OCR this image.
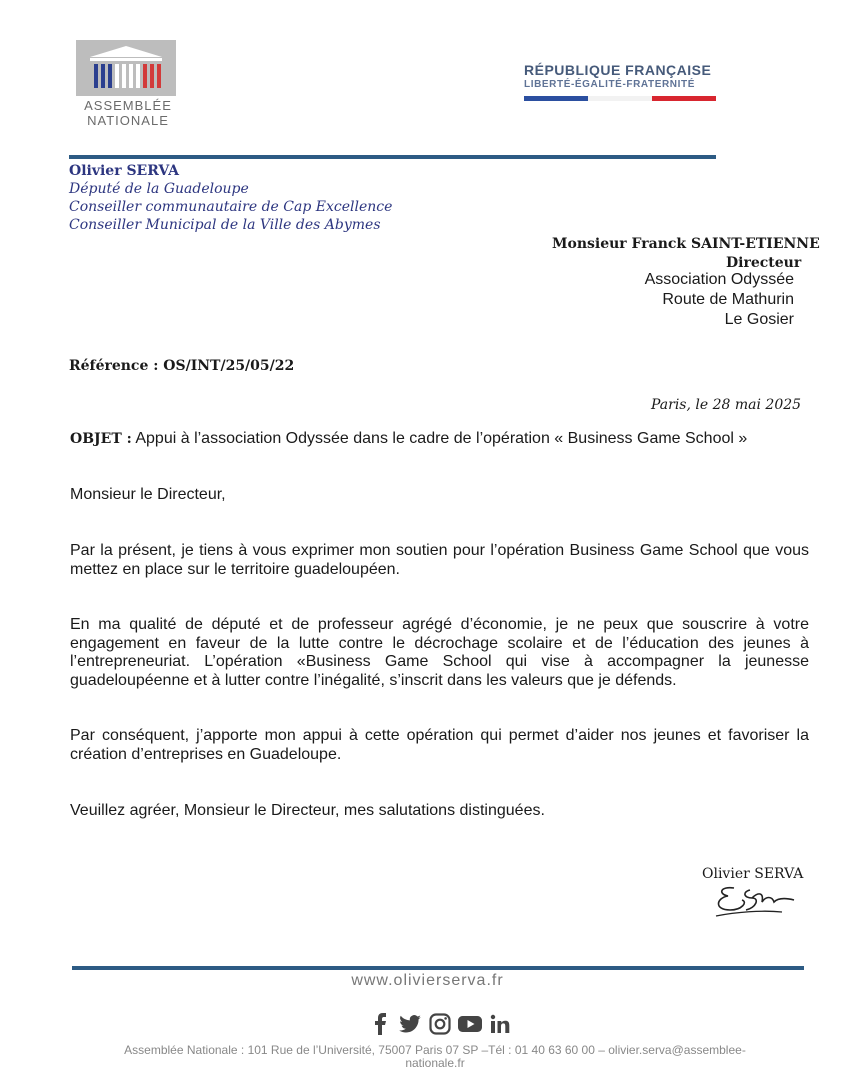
ASSEMBLÉE
NATIONALE
RÉPUBLIQUE FRANÇAISE
LIBERTÉ-ÉGALITÉ-FRATERNITÉ
Olivier SERVA
Député de la Guadeloupe
Conseiller communautaire de Cap Excellence
Conseiller Municipal de la Ville des Abymes
Monsieur Franck SAINT-ETIENNE
Directeur
Association Odyssée
Route de Mathurin
Le Gosier
Référence : OS/INT/25/05/22
Paris, le 28 mai 2025
OBJET : Appui à l’association Odyssée dans le cadre de l’opération « Business Game School »
Monsieur le Directeur,
Par la présent, je tiens à vous exprimer mon soutien pour l’opération Business Game School que vous mettez en place sur le territoire guadeloupéen.
En ma qualité de député et de professeur agrégé d’économie, je ne peux que souscrire à votre engagement en faveur de la lutte contre le décrochage scolaire et de l’éducation des jeunes à l’entrepreneuriat. L’opération «Business Game School qui vise à accompagner la jeunesse guadeloupéenne et à lutter contre l’inégalité, s’inscrit dans les valeurs que je défends.
Par conséquent, j’apporte mon appui à cette opération qui permet d’aider nos jeunes et favoriser la création d’entreprises en Guadeloupe.
Veuillez agréer, Monsieur le Directeur, mes salutations distinguées.
Olivier SERVA
www.olivierserva.fr
Assemblée Nationale : 101 Rue de l’Université, 75007 Paris 07 SP –Tél : 01 40 63 60 00 – olivier.serva@assemblee-nationale.fr
